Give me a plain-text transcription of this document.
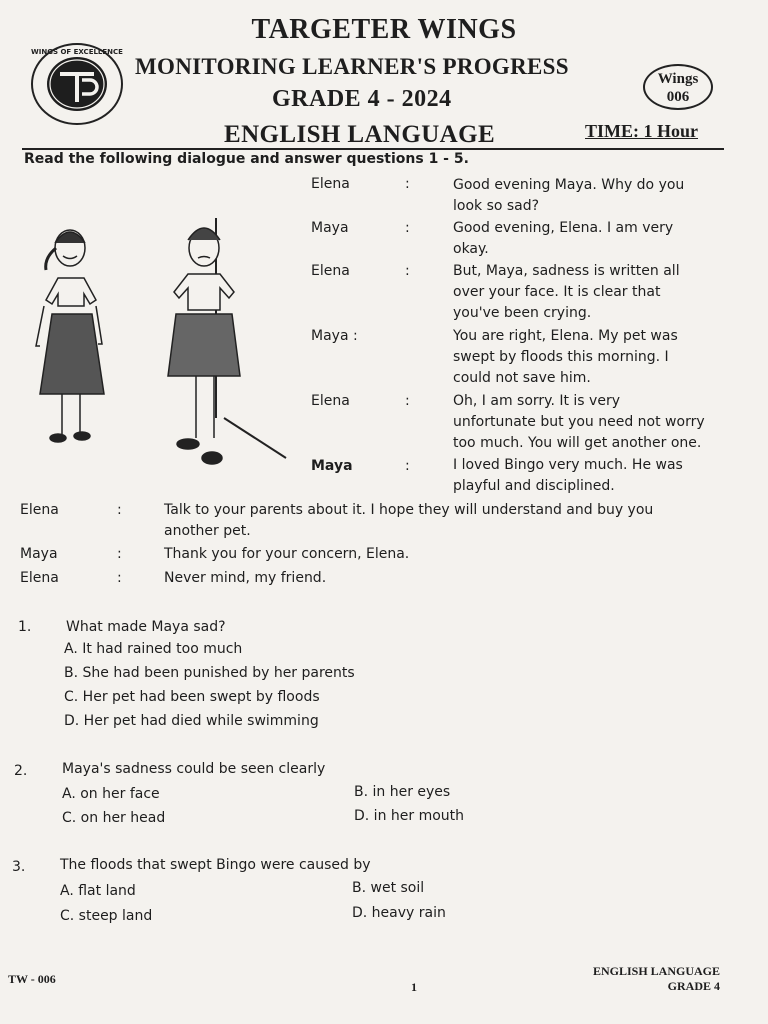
WINGS OF EXCELLENCE
TARGETER WINGS
MONITORING LEARNER'S PROGRESS
GRADE 4 - 2024
ENGLISH LANGUAGE
Wings
006
TIME: 1 Hour
Read the following dialogue and answer questions 1 - 5.
Elena	:	Good evening Maya. Why do you
look so sad?
Maya	:	Good evening, Elena. I am very
okay.
Elena	:	But, Maya, sadness is written all
over your face. It is clear that
you've been crying.
Maya :	You are right, Elena. My pet was
swept by floods this morning. I
could not save him.
Elena	:	Oh, I am sorry. It is very
unfortunate but you need not worry
too much. You will get another one.
Maya	:	I loved Bingo very much. He was
playful and disciplined.
Elena	:	Talk to your parents about it. I hope they will understand and buy you
another pet.
Maya	:	Thank you for your concern, Elena.
Elena	:	Never mind, my friend.
1. What made Maya sad?
A. It had rained too much
B. She had been punished by her parents
C. Her pet had been swept by floods
D. Her pet had died while swimming
2. Maya's sadness could be seen clearly
A. on her face	B. in her eyes
C. on her head	D. in her mouth
3. The floods that swept Bingo were caused by
A. flat land	B. wet soil
C. steep land	D. heavy rain
TW - 006
1
ENGLISH LANGUAGE
GRADE 4
